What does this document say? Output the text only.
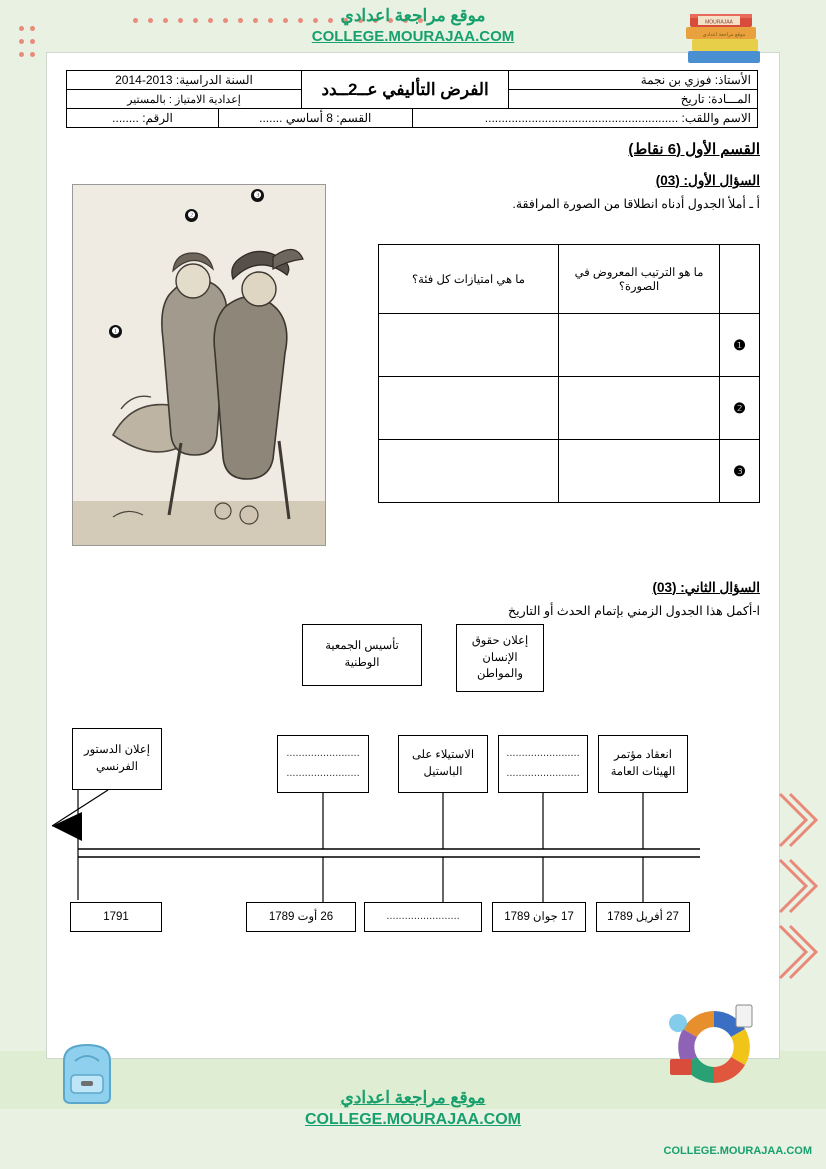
MOURAJAA
موقع مراجعة اعدادي
موقع مراجعة اعدادي
COLLEGE.MOURAJAA.COM
موقع مراجعة اعدادي
COLLEGE.MOURAJAA.COM
COLLEGE.MOURAJAA.COM
الأستاذ: فوزي بن نجمة	الفرض التأليفي عــ2ــدد	السنة الدراسية: 2013-2014
المـــادة: تاريخ		إعدادية الامتياز : بالمستير
الاسم واللقب: ..........................................................	القسم: 8 أساسي .......	الرقم: ........
القسم الأول (6 نقاط)
السؤال الأول: (03)
أ ـ أملأ الجدول أدناه انطلاقا من الصورة المرافقة.
❶
❷
❸
	ما هو الترتيب المعروض في الصورة؟	ما هي امتيازات كل فئة؟
❶		
❷		
❸		
السؤال الثاني: (03)
ا-أكمل هذا الجدول الزمني بإتمام الحدث أو التاريخ
إعلان حقوق الإنسان والمواطن
تأسيس الجمعية الوطنية
انعقاد مؤتمر الهيئات العامة
........................ ........................
الاستيلاء على الباستيل
........................ ........................
إعلان الدستور الفرنسي
27 أفريل 1789
17 جوان 1789
........................
26 أوت 1789
1791
